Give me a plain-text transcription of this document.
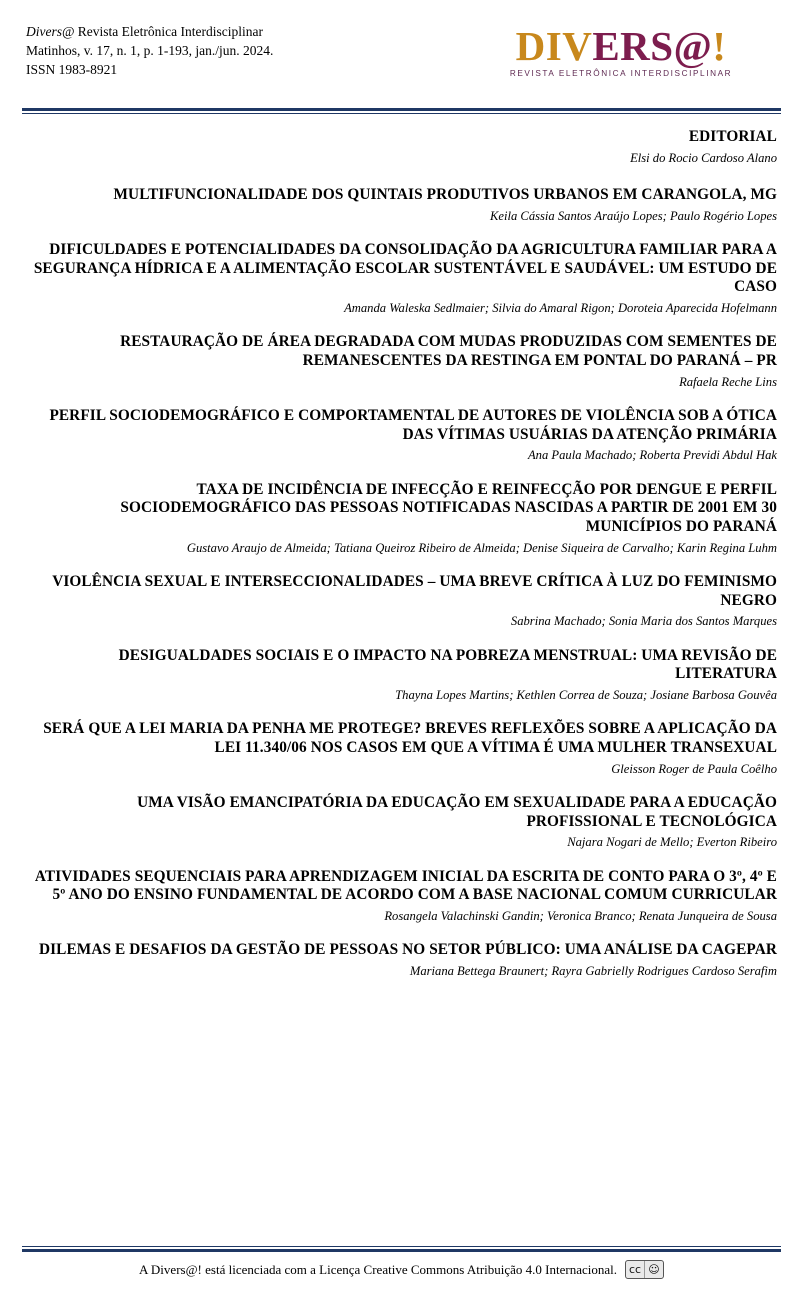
Divers@ Revista Eletrônica Interdisciplinar
Matinhos, v. 17, n. 1, p. 1-193, jan./jun. 2024.
ISSN 1983-8921
DIVERS@!
REVISTA ELETRÔNICA INTERDISCIPLINAR
EDITORIAL
Elsi do Rocio Cardoso Alano
MULTIFUNCIONALIDADE DOS QUINTAIS PRODUTIVOS URBANOS EM CARANGOLA, MG
Keila Cássia Santos Araújo Lopes; Paulo Rogério Lopes
DIFICULDADES E POTENCIALIDADES DA CONSOLIDAÇÃO DA AGRICULTURA FAMILIAR PARA A SEGURANÇA HÍDRICA E A ALIMENTAÇÃO ESCOLAR SUSTENTÁVEL E SAUDÁVEL: UM ESTUDO DE CASO
Amanda Waleska Sedlmaier; Silvia do Amaral Rigon; Doroteia Aparecida Hofelmann
RESTAURAÇÃO DE ÁREA DEGRADADA COM MUDAS PRODUZIDAS COM SEMENTES DE REMANESCENTES DA RESTINGA EM PONTAL DO PARANÁ – PR
Rafaela Reche Lins
PERFIL SOCIODEMOGRÁFICO E COMPORTAMENTAL DE AUTORES DE VIOLÊNCIA SOB A ÓTICA DAS VÍTIMAS USUÁRIAS DA ATENÇÃO PRIMÁRIA
Ana Paula Machado; Roberta Previdi Abdul Hak
TAXA DE INCIDÊNCIA DE INFECÇÃO E REINFECÇÃO POR DENGUE E PERFIL SOCIODEMOGRÁFICO DAS PESSOAS NOTIFICADAS NASCIDAS A PARTIR DE 2001 EM 30 MUNICÍPIOS DO PARANÁ
Gustavo Araujo de Almeida; Tatiana Queiroz Ribeiro de Almeida; Denise Siqueira de Carvalho; Karin Regina Luhm
VIOLÊNCIA SEXUAL E INTERSECCIONALIDADES – UMA BREVE CRÍTICA À LUZ DO FEMINISMO NEGRO
Sabrina Machado; Sonia Maria dos Santos Marques
DESIGUALDADES SOCIAIS E O IMPACTO NA POBREZA MENSTRUAL: UMA REVISÃO DE LITERATURA
Thayna Lopes Martins; Kethlen Correa de Souza; Josiane Barbosa Gouvêa
SERÁ QUE A LEI MARIA DA PENHA ME PROTEGE? BREVES REFLEXÕES SOBRE A APLICAÇÃO DA LEI 11.340/06 NOS CASOS EM QUE A VÍTIMA É UMA MULHER TRANSEXUAL
Gleisson Roger de Paula Coêlho
UMA VISÃO EMANCIPATÓRIA DA EDUCAÇÃO EM SEXUALIDADE PARA A EDUCAÇÃO PROFISSIONAL E TECNOLÓGICA
Najara Nogari de Mello; Everton Ribeiro
ATIVIDADES SEQUENCIAIS PARA APRENDIZAGEM INICIAL DA ESCRITA DE CONTO PARA O 3º, 4º E 5º ANO DO ENSINO FUNDAMENTAL DE ACORDO COM A BASE NACIONAL COMUM CURRICULAR
Rosangela Valachinski Gandin; Veronica Branco; Renata Junqueira de Sousa
DILEMAS E DESAFIOS DA GESTÃO DE PESSOAS NO SETOR PÚBLICO: UMA ANÁLISE DA CAGEPAR
Mariana Bettega Braunert; Rayra Gabrielly Rodrigues Cardoso Serafim
A Divers@! está licenciada com a Licença Creative Commons Atribuição 4.0 Internacional. cc ☺
